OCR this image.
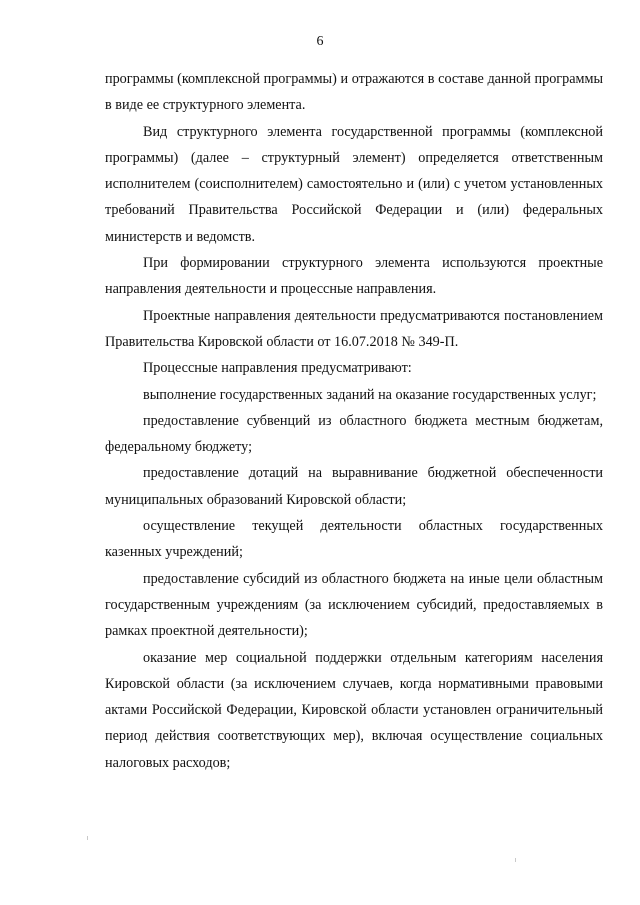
6

программы (комплексной программы) и отражаются в составе данной программы в виде ее структурного элемента.

Вид структурного элемента государственной программы (комплексной программы) (далее – структурный элемент) определяется ответственным исполнителем (соисполнителем) самостоятельно и (или) с учетом установленных требований Правительства Российской Федерации и (или) федеральных министерств и ведомств.

При формировании структурного элемента используются проектные направления деятельности и процессные направления.

Проектные направления деятельности предусматриваются постановлением Правительства Кировской области от 16.07.2018 № 349-П.

Процессные направления предусматривают:

выполнение государственных заданий на оказание государственных услуг;

предоставление субвенций из областного бюджета местным бюджетам, федеральному бюджету;

предоставление дотаций на выравнивание бюджетной обеспеченности муниципальных образований Кировской области;

осуществление текущей деятельности областных государственных казенных учреждений;

предоставление субсидий из областного бюджета на иные цели областным государственным учреждениям (за исключением субсидий, предоставляемых в рамках проектной деятельности);

оказание мер социальной поддержки отдельным категориям населения Кировской области (за исключением случаев, когда нормативными правовыми актами Российской Федерации, Кировской области установлен ограничительный период действия соответствующих мер), включая осуществление социальных налоговых расходов;
